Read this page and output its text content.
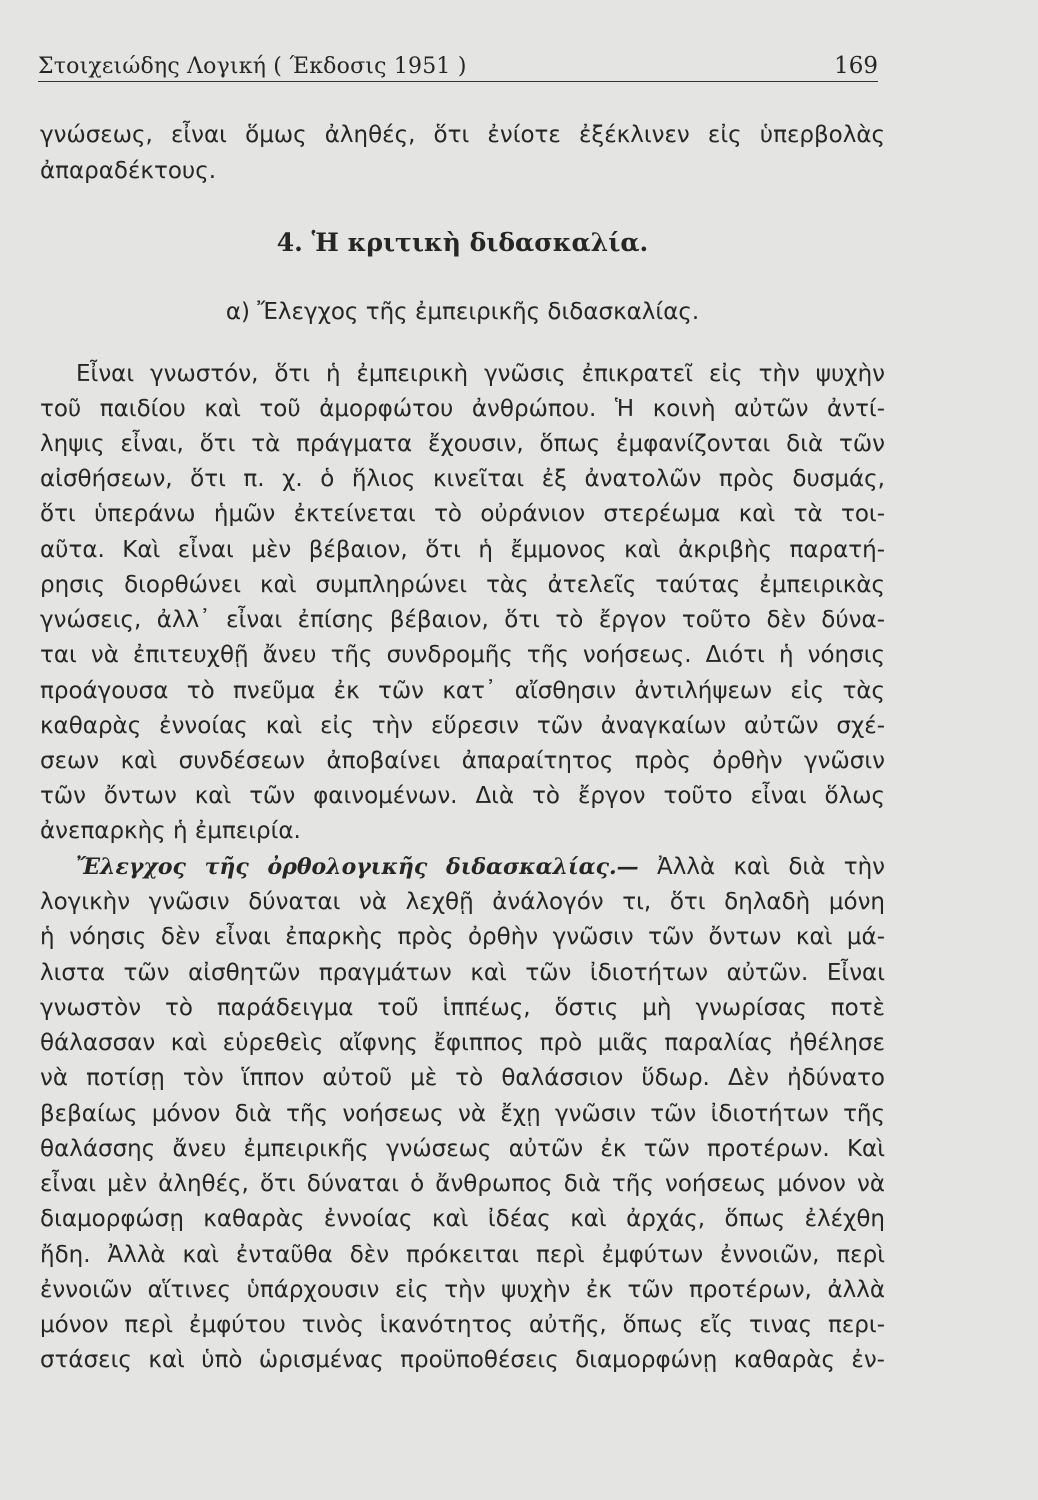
Στοιχειώδης Λογική ( Έκδοσις 1951 )	169
γνώσεως, εἶναι ὅμως ἀληθές, ὅτι ἐνίοτε ἐξέκλινεν εἰς ὑπερβολὰς
ἀπαραδέκτους.
4. Ἡ κριτικὴ διδασκαλία.
α) Ἔλεγχος τῆς ἐμπειρικῆς διδασκαλίας.
Εἶναι γνωστόν, ὅτι ἡ ἐμπειρικὴ γνῶσις ἐπικρατεῖ εἰς τὴν ψυχὴν
τοῦ παιδίου καὶ τοῦ ἀμορφώτου ἀνθρώπου. Ἡ κοινὴ αὐτῶν ἀντί-
ληψις εἶναι, ὅτι τὰ πράγματα ἔχουσιν, ὅπως ἐμφανίζονται διὰ τῶν
αἰσθήσεων, ὅτι π. χ. ὁ ἥλιος κινεῖται ἐξ ἀνατολῶν πρὸς δυσμάς,
ὅτι ὑπεράνω ἡμῶν ἐκτείνεται τὸ οὐράνιον στερέωμα καὶ τὰ τοι-
αῦτα. Καὶ εἶναι μὲν βέβαιον, ὅτι ἡ ἔμμονος καὶ ἀκριβὴς παρατή-
ρησις διορθώνει καὶ συμπληρώνει τὰς ἀτελεῖς ταύτας ἐμπειρικὰς
γνώσεις, ἀλλ᾽ εἶναι ἐπίσης βέβαιον, ὅτι τὸ ἔργον τοῦτο δὲν δύνα-
ται νὰ ἐπιτευχθῇ ἄνευ τῆς συνδρομῆς τῆς νοήσεως. Διότι ἡ νόησις
προάγουσα τὸ πνεῦμα ἐκ τῶν κατ᾽ αἴσθησιν ἀντιλήψεων εἰς τὰς
καθαρὰς ἐννοίας καὶ εἰς τὴν εὕρεσιν τῶν ἀναγκαίων αὐτῶν σχέ-
σεων καὶ συνδέσεων ἀποβαίνει ἀπαραίτητος πρὸς ὀρθὴν γνῶσιν
τῶν ὄντων καὶ τῶν φαινομένων. Διὰ τὸ ἔργον τοῦτο εἶναι ὅλως
ἀνεπαρκὴς ἡ ἐμπειρία.
Ἔλεγχος τῆς ὀρθολογικῆς διδασκαλίας.— Ἀλλὰ καὶ διὰ τὴν
λογικὴν γνῶσιν δύναται νὰ λεχθῇ ἀνάλογόν τι, ὅτι δηλαδὴ μόνη
ἡ νόησις δὲν εἶναι ἐπαρκὴς πρὸς ὀρθὴν γνῶσιν τῶν ὄντων καὶ μά-
λιστα τῶν αἰσθητῶν πραγμάτων καὶ τῶν ἰδιοτήτων αὐτῶν. Εἶναι
γνωστὸν τὸ παράδειγμα τοῦ ἱππέως, ὅστις μὴ γνωρίσας ποτὲ
θάλασσαν καὶ εὑρεθεὶς αἴφνης ἔφιππος πρὸ μιᾶς παραλίας ἠθέλησε
νὰ ποτίσῃ τὸν ἵππον αὐτοῦ μὲ τὸ θαλάσσιον ὕδωρ. Δὲν ἠδύνατο
βεβαίως μόνον διὰ τῆς νοήσεως νὰ ἔχῃ γνῶσιν τῶν ἰδιοτήτων τῆς
θαλάσσης ἄνευ ἐμπειρικῆς γνώσεως αὐτῶν ἐκ τῶν προτέρων. Καὶ
εἶναι μὲν ἀληθές, ὅτι δύναται ὁ ἄνθρωπος διὰ τῆς νοήσεως μόνον νὰ
διαμορφώσῃ καθαρὰς ἐννοίας καὶ ἰδέας καὶ ἀρχάς, ὅπως ἐλέχθη
ἤδη. Ἀλλὰ καὶ ἐνταῦθα δὲν πρόκειται περὶ ἐμφύτων ἐννοιῶν, περὶ
ἐννοιῶν αἵτινες ὑπάρχουσιν εἰς τὴν ψυχὴν ἐκ τῶν προτέρων, ἀλλὰ
μόνον περὶ ἐμφύτου τινὸς ἱκανότητος αὐτῆς, ὅπως εἴς τινας περι-
στάσεις καὶ ὑπὸ ὡρισμένας προϋποθέσεις διαμορφώνῃ καθαρὰς ἐν-
